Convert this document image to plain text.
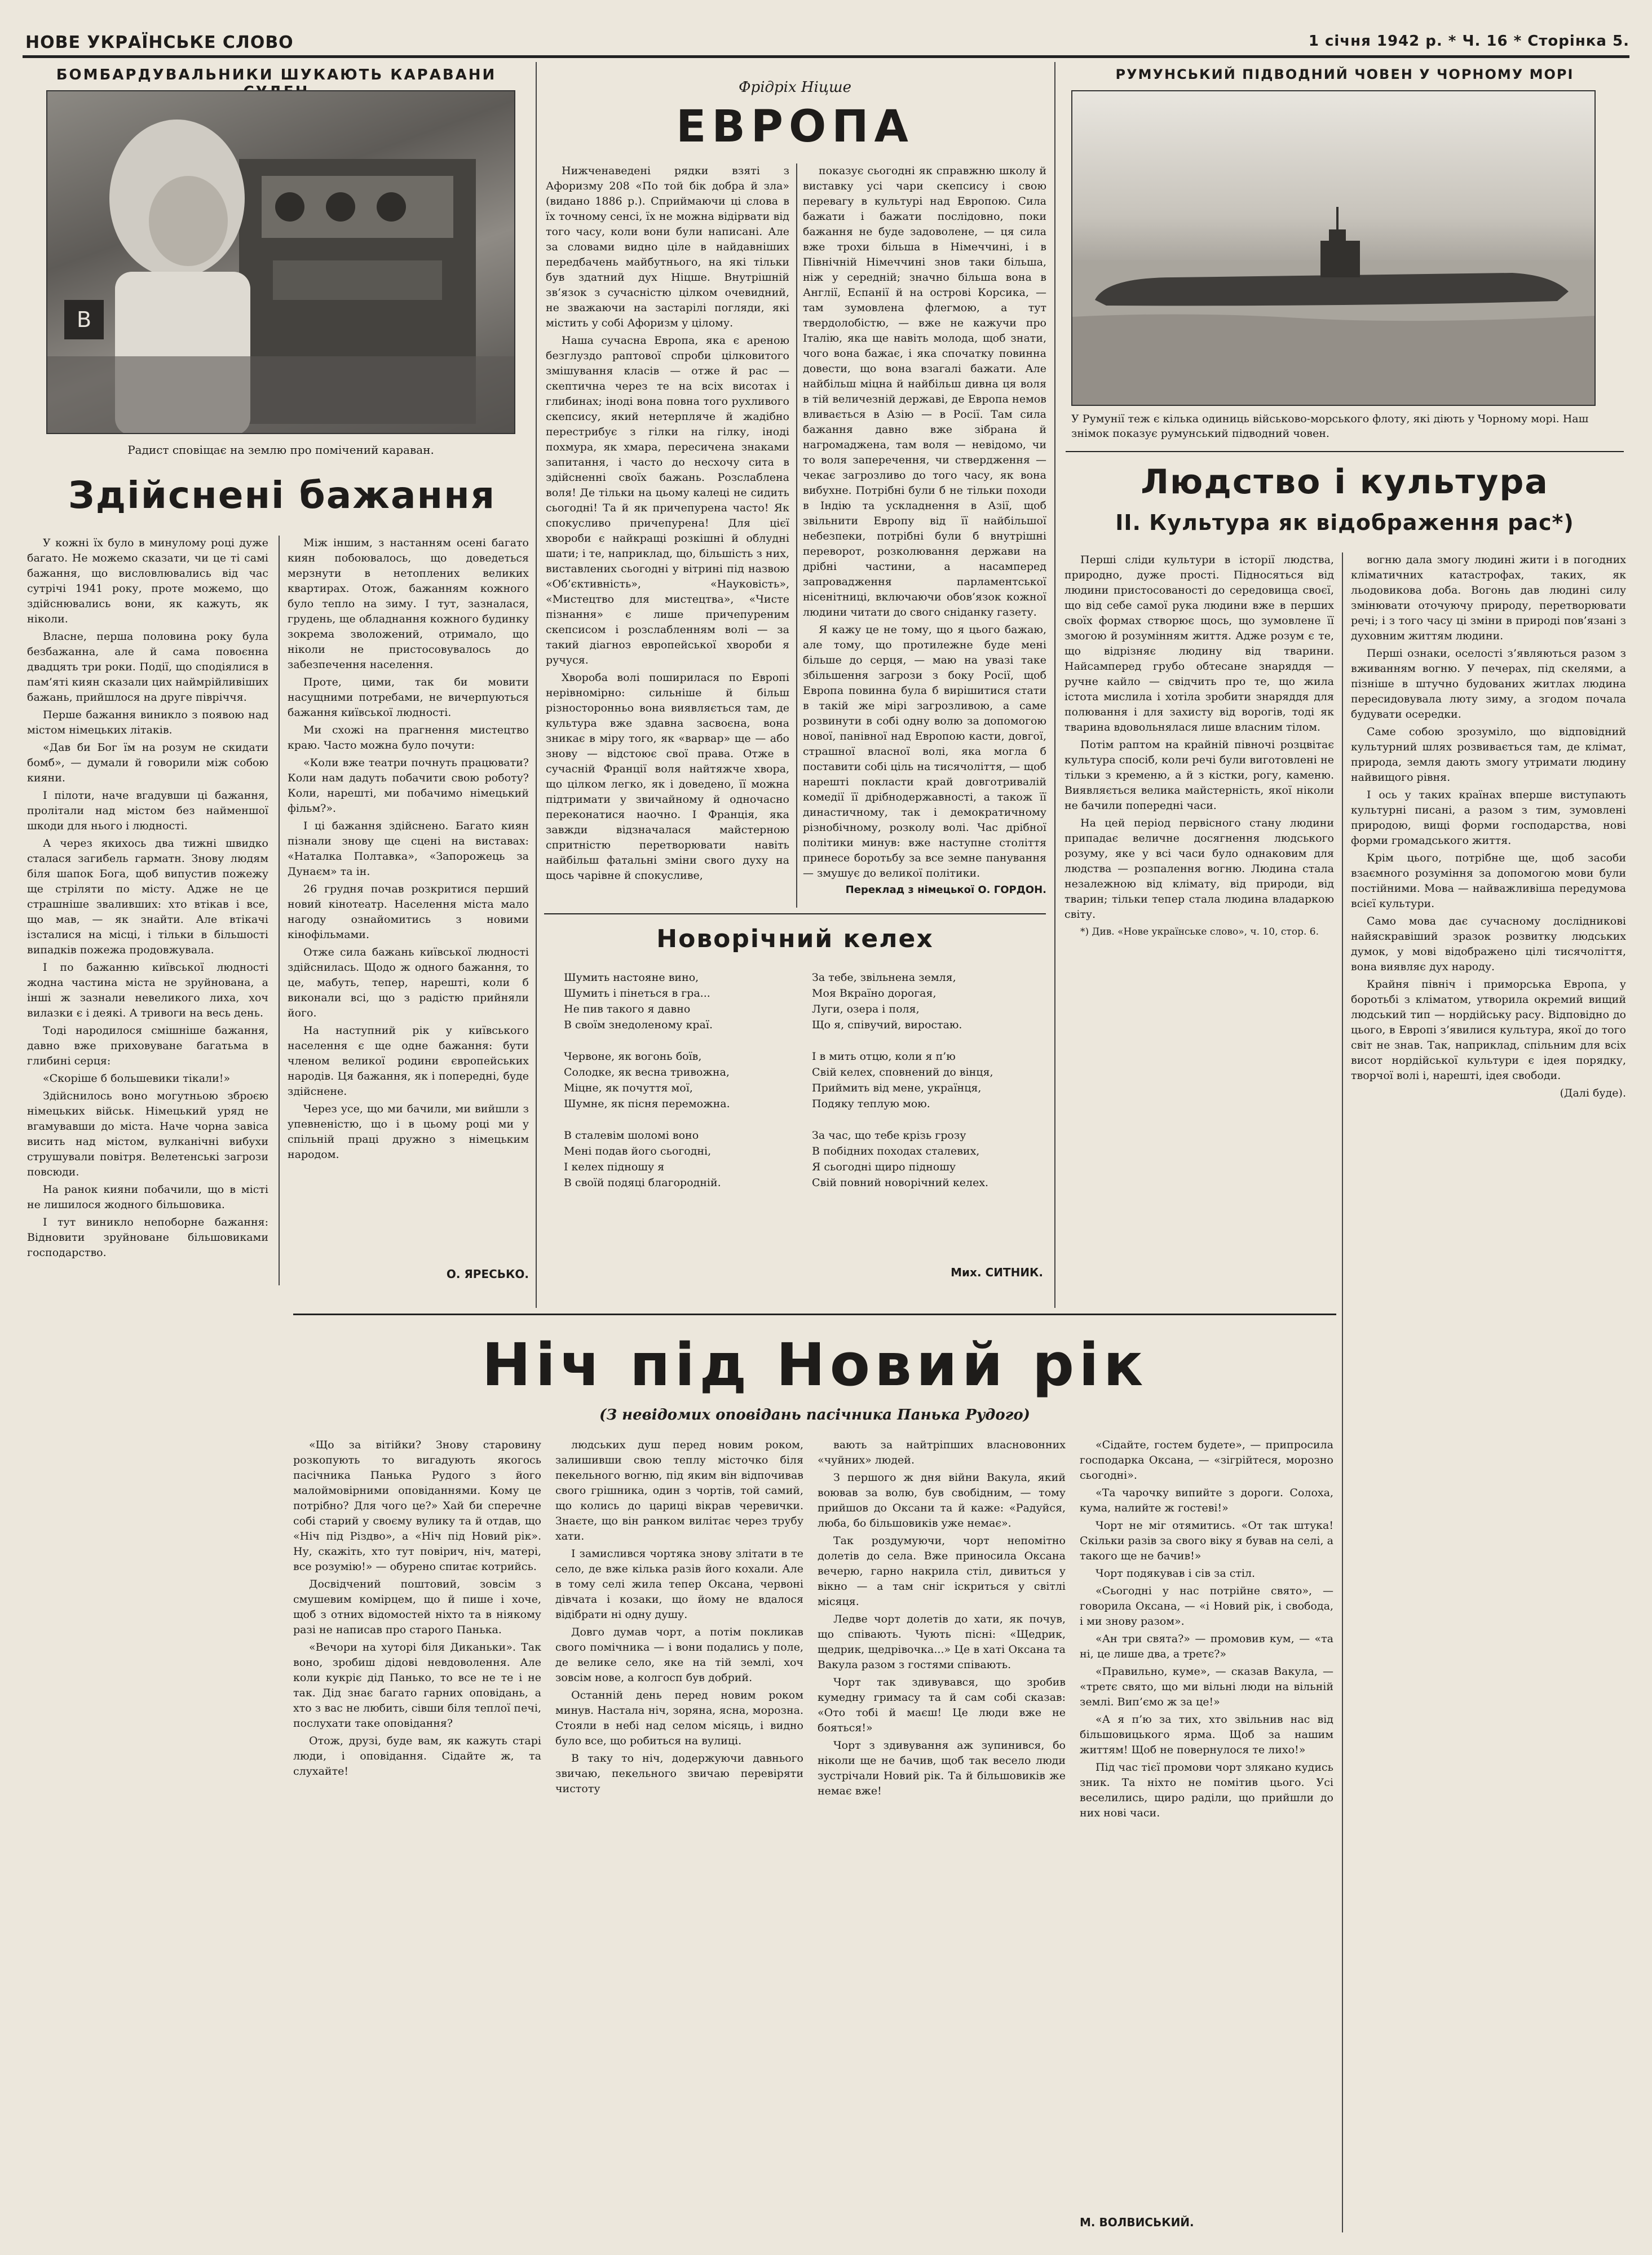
НОВЕ УКРАЇНСЬКЕ СЛОВО	1 січня 1942 р. * Ч. 16 * Сторінка 5.
БОМБАРДУВАЛЬНИКИ ШУКАЮТЬ КАРАВАНИ
B
Радист сповіщає на землю про помічений караван.
Здійснені бажання

У кожні їх було в минулому році дуже багато. Не можемо сказати, чи це ті самі бажання, що висловлювались від час сутрічі 1941 року, проте можемо, що здійснювались вони, як кажуть, як ніколи.

Власне, перша половина року була безбажанна, але й сама повоєнна двадцять три роки. Події, що сподіялися в пам’яті киян сказали цих наймрійливіших бажань, прийшлося на друге півріччя.

Перше бажання виникло з появою над містом німецьких літаків.

«Дав би Бог їм на розум не скидати бомб», — думали й говорили між собою кияни.

І пілоти, наче вгадувши ці бажання, пролітали над містом без найменшої шкоди для нього і людності.

А через якихось два тижні швидко сталася загибель гарматн. Знову людям біля шапок Бога, щоб випустив пожежу ще стріляти по місту. Адже не це страшніше зваливших: хто втікав і все, що мав, — як знайти. Але втікачі ізсталися на місці, і тільки в більшості випадків пожежа продовжувала.

І по бажанню київської людності жодна частина міста не зруйнована, а інші ж зазнали невеликого лиха, хоч вилазки є і деякі. А тривоги на весь день.

Тоді народилося смішніше бажання, давно вже приховуване багатьма в глибині серця:

«Скоріше б большевики тікали!»

Здійснилось воно могутньою зброєю німецьких військ. Німецький уряд не вгамувавши до міста. Наче чорна завіса висить над містом, вулканічні вибухи струшували повітря. Велетенські загрози повсюди.

На ранок кияни побачили, що в місті не лишилося жодного більшовика.

І тут виникло непоборне бажання: Відновити зруйноване більшовиками господарство.

Між іншим, з настанням осені багато киян побоювалось, що доведеться мерзнути в нетоплених великих квартирах. Отож, бажанням кожного було тепло на зиму. І тут, зазналася, грудень, ще обладнання кожного будинку зокрема зволожений, отримало, що ніколи не пристосовувалось до забезпечення населення.

Проте, цими, так би мовити насущними потребами, не вичерпуються бажання київської людності.

Ми схожі на прагнення мистецтво краю. Часто можна було почути:

«Коли вже театри почнуть працювати? Коли нам дадуть побачити свою роботу? Коли, нарешті, ми побачимо німецький фільм?».

І ці бажання здійснено. Багато киян пізнали знову ще сцені на виставах: «Наталка Полтавка», «Запорожець за Дунаєм» та ін.

26 грудня почав розкритися перший новий кінотеатр. Населення міста мало нагоду ознайомитись з новими кінофільмами.

Отже сила бажань київської людності здійснилась. Щодо ж одного бажання, то це, мабуть, тепер, нарешті, коли б виконали всі, що з радістю прийняли його.

На наступний рік у київського населення є ще одне бажання: бути членом великої родини європейських народів. Ця бажання, як і попередні, буде здійснене.

Через усе, що ми бачили, ми вийшли з упевненістю, що і в цьому році ми у спільній праці дружно з німецьким народом.

О. ЯРЕСЬКО.
Фрідріх Ніцше
ЕВРОПА

Нижченаведені рядки взяті з Афоризму 208 «По той бік добра й зла» (видано 1886 р.). Сприймаючи ці слова в їх точному сенсі, їх не можна відірвати від того часу, коли вони були написані. Але за словами видно ціле в найдавніших передбачень майбутнього, на які тільки був здатний дух Ніцше. Внутрішній зв’язок з сучасністю цілком очевидний, не зважаючи на застарілі погляди, які містить у собі Афоризм у цілому.

Наша сучасна Европа, яка є ареною безглуздо раптової спроби цілковитого змішування класів — отже й рас — скептична через те на всіх висотах і глибинах; іноді вона повна того рухливого скепсису, який нетерпляче й жадібно перестрибує з гілки на гілку, іноді похмура, як хмара, пересичена знаками запитання, і часто до несхочу сита в здійсненні своїх бажань. Розслаблена воля! Де тільки на цьому калеці не сидить сьогодні! Та й як причепурена часто! Як спокусливо причепурена! Для цієї хвороби є найкращі розкішні й облудні шати; і те, наприклад, що, більшість з них, виставлених сьогодні у вітрині під назвою «Об’єктивність», «Науковість», «Мистецтво для мистецтва», «Чисте пізнання» є лише причепуреним скепсисом і розслабленням волі — за такий діагноз европейської хвороби я ручуся.

Хвороба волі поширилася по Европі нерівномірно: сильніше й більш різносторонньо вона виявляється там, де культура вже здавна засвоєна, вона зникає в міру того, як «варвар» ще — або знову — відстоює свої права. Отже в сучасній Франції воля найтяжче хвора, що цілком легко, як і доведено, її можна підтримати у звичайному й одночасно переконатися наочно. І Франція, яка завжди відзначалася майстерною спритністю перетворювати навіть найбільш фатальні зміни свого духу на щось чарівне й спокусливе,

показує сьогодні як справжню школу й виставку усі чари скепсису і свою перевагу в культурі над Европою. Сила бажати і бажати послідовно, поки бажання не буде задоволене, — ця сила вже трохи більша в Німеччині, і в Північній Німеччині знов таки більша, ніж у середній; значно більша вона в Англії, Еспанії й на острові Корсика, — там зумовлена флегмою, а тут твердолобістю, — вже не кажучи про Італію, яка ще навіть молода, щоб знати, чого вона бажає, і яка спочатку повинна довести, що вона взагалі бажати. Але найбільш міцна й найбільш дивна ця воля в тій величезній державі, де Европа немов вливається в Азію — в Росії. Там сила бажання давно вже зібрана й нагромаджена, там воля — невідомо, чи то воля заперечення, чи ствердження — чекає загрозливо до того часу, як вона вибухне. Потрібні були б не тільки походи в Індію та ускладнення в Азії, щоб звільнити Европу від її найбільшої небезпеки, потрібні були б внутрішні переворот, розколювання держави на дрібні частини, а насамперед запровадження парламентської нісенітниці, включаючи обов’язок кожної людини читати до свого сніданку газету.

Я кажу це не тому, що я цього бажаю, але тому, що протилежне буде мені більше до серця, — маю на увазі таке збільшення загрози з боку Росії, щоб Европа повинна була б вирішитися стати в такій же мірі загрозливою, а саме розвинути в собі одну волю за допомогою нової, панівної над Европою касти, довгої, страшної власної волі, яка могла б поставити собі ціль на тисячоліття, — щоб нарешті покласти край довготривалій комедії її дрібнодержавності, а також її династичному, так і демократичному різнобічному, розколу волі. Час дрібної політики минув: вже наступне століття принесе боротьбу за все земне панування — змушує до великої політики.

Переклад з німецької О. ГОРДОН.
Новорічний келех
Шумить настояне вино,
Шумить і пінеться в гра...
Не пив такого я давно
В своїм знедоленому краї.
Червоне, як вогонь боїв,
Солодке, як весна тривожна,
Міцне, як почуття мої,
Шумне, як пісня переможна.
В сталевім шоломі воно
Мені подав його сьогодні,
І келех підношу я
В своїй подяці благородній.
За тебе, звільнена земля,
Моя Вкраїно дорогая,
Луги, озера і поля,
Що я, співучий, виростаю.
І в мить отцю, коли я п’ю
Свій келех, сповнений до вінця,
Приймить від мене, українця,
Подяку теплую мою.
За час, що тебе крізь грозу
В побідних походах сталевих,
Я сьогодні щиро підношу
Свій повний новорічний келех.
Мих. СИТНИК.
РУМУНСЬКИЙ ПІДВОДНИЙ ЧОВЕН У ЧОРНОМУ МОРІ
У Румунії теж є кілька одиниць військово-морського флоту, які діють у Чорному морі. Наш знімок показує румунський підводний човен.
Людство і культура
II. Культура як відображення рас*)

Перші сліди культури в історії людства, природно, дуже прості. Підносяться від людини пристосованості до середовища своєї, що від себе самої рука людини вже в перших своїх формах створює щось, що зумовлене її змогою й розумінням життя. Адже розум є те, що відрізняє людину від тварини. Найсамперед грубо обтесане знаряддя — ручне кайло — свідчить про те, що жила істота мислила і хотіла зробити знаряддя для полювання і для захисту від ворогів, тоді як тварина вдовольнялася лише власним тілом.

Потім раптом на крайній півночі розцвітає культура спосіб, коли речі були виготовлені не тільки з кременю, а й з кістки, рогу, каменю. Виявляється велика майстерність, якої ніколи не бачили попередні часи.

На цей період первісного стану людини припадає величне досягнення людського розуму, яке у всі часи було однаковим для людства — розпалення вогню. Людина стала незалежною від клімату, від природи, від тварин; тільки тепер стала людина владаркою світу.

*) Див. «Нове українське слово», ч. 10, стор. 6.

вогню дала змогу людині жити і в погодних кліматичних катастрофах, таких, як льодовикова доба. Вогонь дав людині силу змінювати оточуючу природу, перетворювати речі; і з того часу ці зміни в природі пов’язані з духовним життям людини.

Перші ознаки, оселості з’являються разом з вживанням вогню. У печерах, під скелями, а пізніше в штучно будованих житлах людина пересидовувала люту зиму, а згодом почала будувати осередки.

Саме собою зрозуміло, що відповідний культурний шлях розвивається там, де клімат, природа, земля дають змогу утримати людину найвищого рівня.

І ось у таких країнах вперше виступають культурні писані, а разом з тим, зумовлені природою, вищі форми господарства, нові форми громадського життя.

Крім цього, потрібне ще, щоб засоби взаємного розуміння за допомогою мови були постійними. Мова — найважливіша передумова всієї культури.

Само мова дає сучасному дослідникові найяскравіший зразок розвитку людських думок, у мові відображено цілі тисячоліття, вона виявляє дух народу.

Крайня північ і приморська Европа, у боротьбі з кліматом, утворила окремий вищий людський тип — нордійську расу. Відповідно до цього, в Европі з’явилися культура, якої до того світ не знав. Так, наприклад, спільним для всіх висот нордійської культури є ідея порядку, творчої волі і, нарешті, ідея свободи.

(Далі буде).

Ніч під Новий рік
(З невідомих оповідань пасічника Панька Рудого)

«Що за вітійки? Знову старовину розкопують то вигадують якогось пасічника Панька Рудого з його малоймовірними оповіданнями. Кому це потрібно? Для чого це?» Хай би сперечне собі старий у своєму вулику та й отдав, що «Ніч під Різдво», а «Ніч під Новий рік». Ну, скажіть, хто тут повірич, ніч, матері, все розумію!» — обурено спитає котрийсь.

Досвідчений поштовий, зовсім з смушевим комірцем, що й пише і хоче, щоб з отних відомостей ніхто та в ніякому разі не написав про старого Панька.

«Вечори на хуторі біля Диканьки». Так воно, зробиш дідові невдоволення. Але коли кукріє дід Панько, то все не те і не так. Дід знає багато гарних оповідань, а хто з вас не любить, сівши біля теплої печі, послухати таке оповідання?

Отож, друзі, буде вам, як кажуть старі люди, і оповідання. Сідайте ж, та слухайте!

людських душ перед новим роком, залишивши свою теплу місточко біля пекельного вогню, під яким він відпочивав свого грішника, один з чортів, той самий, що колись до цариці вікрав черевички. Знаєте, що він ранком вилітає через трубу хати.

І замислився чортяка знову злітати в те село, де вже кілька разів його кохали. Але в тому селі жила тепер Оксана, червоні дівчата і козаки, що йому не вдалося відібрати ні одну душу.

Довго думав чорт, а потім покликав свого помічника — і вони подались у поле, де велике село, яке на тій землі, хоч зовсім нове, а колгосп був добрий.

Останній день перед новим роком минув. Настала ніч, зоряна, ясна, морозна. Стояли в небі над селом місяць, і видно було все, що робиться на вулиці.

В таку то ніч, додержуючи давнього звичаю, пекельного звичаю перевіряти чистоту

вають за найтріпших власновонних «чуйних» людей.

З першого ж дня війни Вакула, який воював за волю, був свобідним, — тому прийшов до Оксани та й каже: «Радуйся, люба, бо більшовиків уже немає».

Так роздумуючи, чорт непомітно долетів до села. Вже приносила Оксана вечерю, гарно накрила стіл, дивиться у вікно — а там сніг іскриться у світлі місяця.

Ледве чорт долетів до хати, як почув, що співають. Чують пісні: «Щедрик, щедрик, щедрівочка...» Це в хаті Оксана та Вакула разом з гостями співають.

Чорт так здивувався, що зробив кумедну гримасу та й сам собі сказав: «Ото тобі й маєш! Це люди вже не бояться!»

Чорт з здивування аж зупинився, бо ніколи ще не бачив, щоб так весело люди зустрічали Новий рік. Та й більшовиків же немає вже!

«Сідайте, гостем будете», — припросила господарка Оксана, — «зігрійтеся, морозно сьогодні».

«Та чарочку випийте з дороги. Солоха, кума, налийте ж гостеві!»

Чорт не міг отямитись. «От так штука! Скільки разів за свого віку я бував на селі, а такого ще не бачив!»

Чорт подякував і сів за стіл.

«Сьогодні у нас потрійне свято», — говорила Оксана, — «і Новий рік, і свобода, і ми знову разом».

«Ан три свята?» — промовив кум, — «та ні, це лише два, а третє?»

«Правильно, куме», — сказав Вакула, — «третє свято, що ми вільні люди на вільній землі. Вип’ємо ж за це!»

«А я п’ю за тих, хто звільнив нас від більшовицького ярма. Щоб за нашим життям! Щоб не повернулося те лихо!»

Під час тієї промови чорт злякано кудись зник. Та ніхто не помітив цього. Усі веселились, щиро раділи, що прийшли до них нові часи.

М. ВОЛВИСЬКИЙ.
